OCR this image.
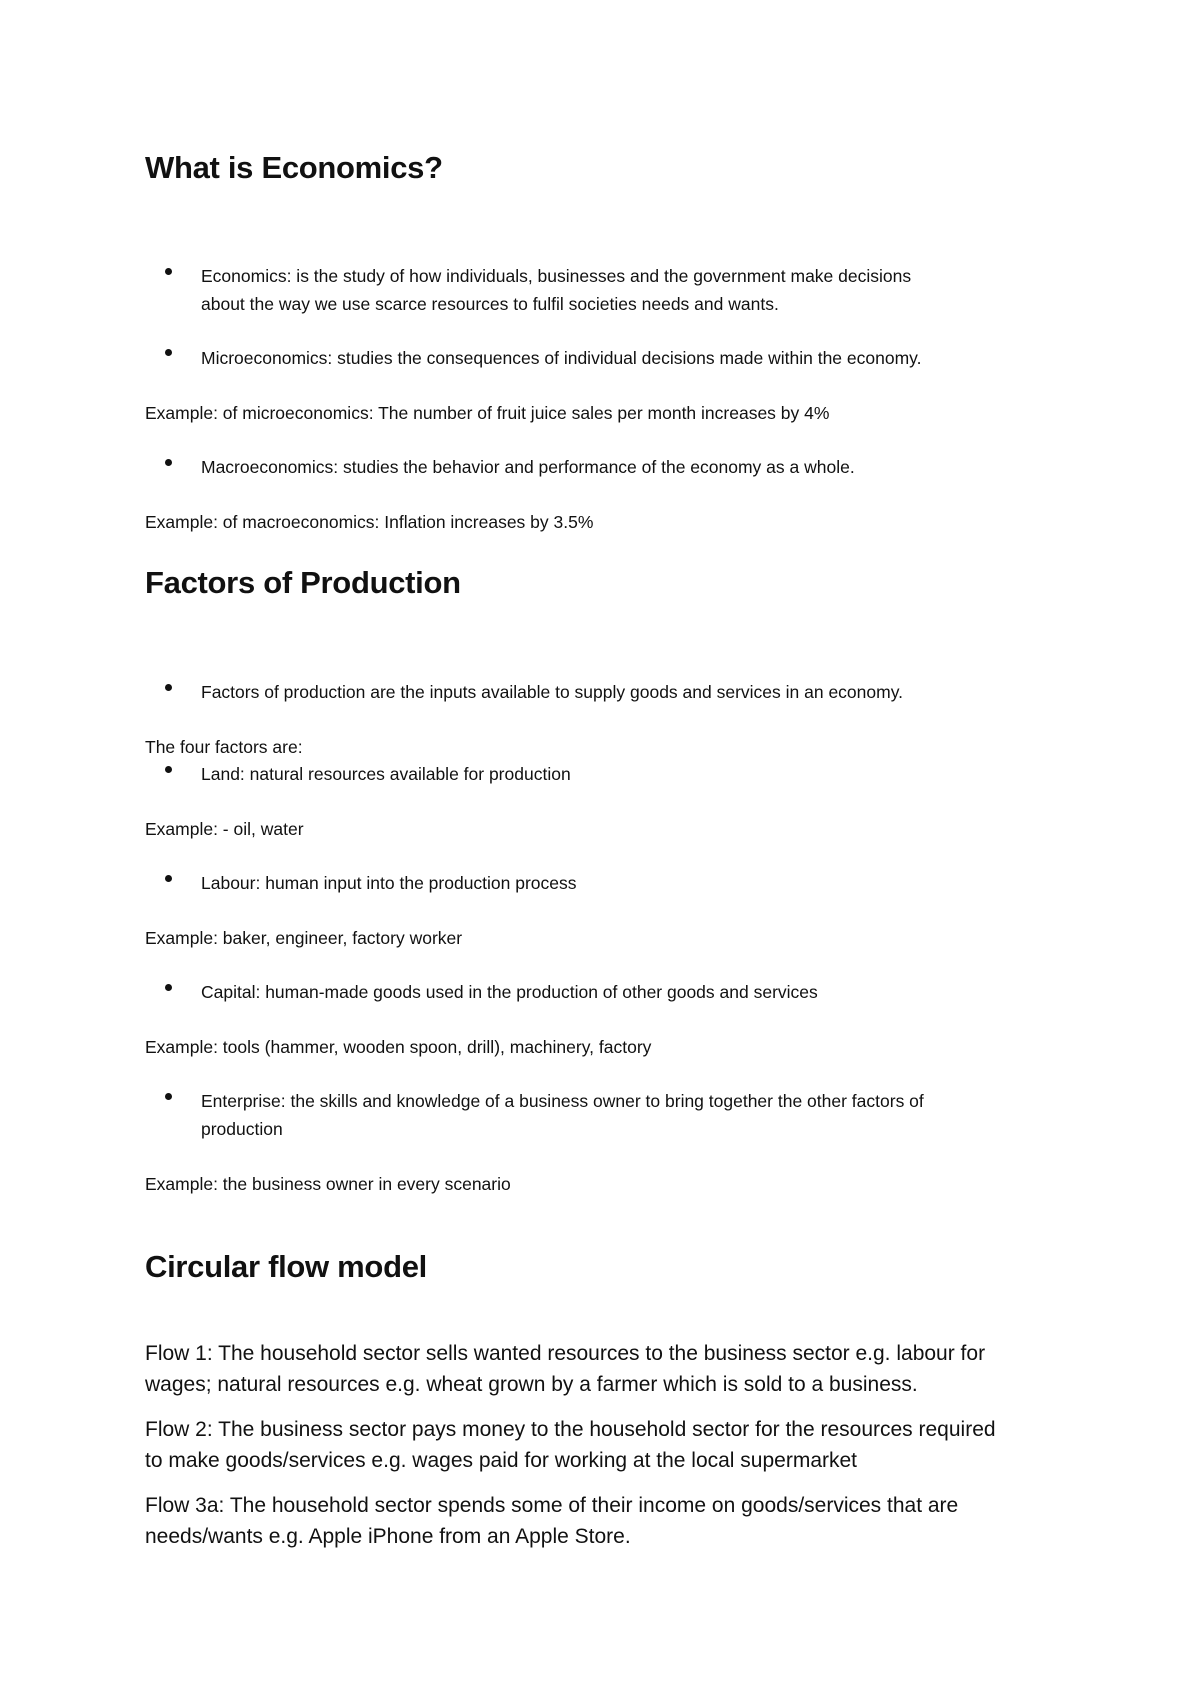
What is Economics?
Economics: is the study of how individuals, businesses and the government make decisions
about the way we use scarce resources to fulfil societies needs and wants.
Microeconomics: studies the consequences of individual decisions made within the economy.
Example: of microeconomics: The number of fruit juice sales per month increases by 4%
Macroeconomics: studies the behavior and performance of the economy as a whole.
Example: of macroeconomics: Inflation increases by 3.5%
Factors of Production
Factors of production are the inputs available to supply goods and services in an economy.
The four factors are:
Land: natural resources available for production
Example: - oil, water
Labour: human input into the production process
Example: baker, engineer, factory worker
Capital: human-made goods used in the production of other goods and services
Example: tools (hammer, wooden spoon, drill), machinery, factory
Enterprise: the skills and knowledge of a business owner to bring together the other factors of
production
Example: the business owner in every scenario
Circular flow model
Flow 1: The household sector sells wanted resources to the business sector e.g. labour for
wages; natural resources e.g. wheat grown by a farmer which is sold to a business.
Flow 2: The business sector pays money to the household sector for the resources required
to make goods/services e.g. wages paid for working at the local supermarket
Flow 3a: The household sector spends some of their income on goods/services that are
needs/wants e.g. Apple iPhone from an Apple Store.
